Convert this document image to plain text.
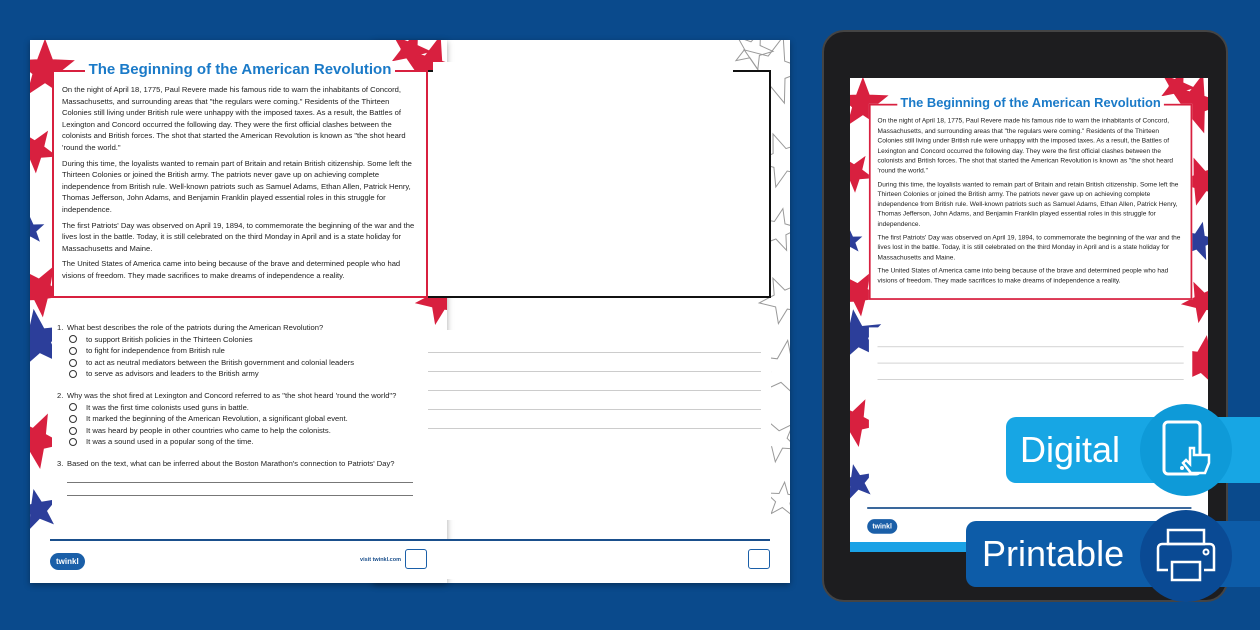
The Beginning of the American Revolution

On the night of April 18, 1775, Paul Revere made his famous ride to warn the inhabitants of Concord, Massachusetts, and surrounding areas that "the regulars were coming." Residents of the Thirteen Colonies still living under British rule were unhappy with the imposed taxes. As a result, the Battles of Lexington and Concord occurred the following day. They were the first official clashes between the colonists and British forces. The shot that started the American Revolution is known as "the shot heard 'round the world."

During this time, the loyalists wanted to remain part of Britain and retain British citizenship. Some left the Thirteen Colonies or joined the British army. The patriots never gave up on achieving complete independence from British rule. Well-known patriots such as Samuel Adams, Ethan Allen, Patrick Henry, Thomas Jefferson, John Adams, and Benjamin Franklin played essential roles in this struggle for independence.

The first Patriots' Day was observed on April 19, 1894, to commemorate the beginning of the war and the lives lost in the battle. Today, it is still celebrated on the third Monday in April and is a state holiday for Massachusetts and Maine.

The United States of America came into being because of the brave and determined people who had visions of freedom. They made sacrifices to make dreams of independence a reality.

1. What best describes the role of the patriots during the American Revolution?
to support British policies in the Thirteen Colonies
to fight for independence from British rule
to act as neutral mediators between the British government and colonial leaders
to serve as advisors and leaders to the British army
2. Why was the shot fired at Lexington and Concord referred to as "the shot heard 'round the world"?
It was the first time colonists used guns in battle.
It marked the beginning of the American Revolution, a significant global event.
It was heard by people in other countries who came to help the colonists.
It was a sound used in a popular song of the time.
3. Based on the text, what can be inferred about the Boston Marathon's connection to Patriots' Day?
twinkl	visit twinkl.com
The Beginning of the American Revolution

On the night of April 18, 1775, Paul Revere made his famous ride to warn the inhabitants of Concord, Massachusetts, and surrounding areas that "the regulars were coming." Residents of the Thirteen Colonies still living under British rule were unhappy with the imposed taxes. As a result, the Battles of Lexington and Concord occurred the following day. They were the first official clashes between the colonists and British forces. The shot that started the American Revolution is known as "the shot heard 'round the world."

During this time, the loyalists wanted to remain part of Britain and retain British citizenship. Some left the Thirteen Colonies or joined the British army. The patriots never gave up on achieving complete independence from British rule. Well-known patriots such as Samuel Adams, Ethan Allen, Patrick Henry, Thomas Jefferson, John Adams, and Benjamin Franklin played essential roles in this struggle for independence.

The first Patriots' Day was observed on April 19, 1894, to commemorate the beginning of the war and the lives lost in the battle. Today, it is still celebrated on the third Monday in April and is a state holiday for Massachusetts and Maine.

The United States of America came into being because of the brave and determined people who had visions of freedom. They made sacrifices to make dreams of independence a reality.

twinkl
Digital
Printable
